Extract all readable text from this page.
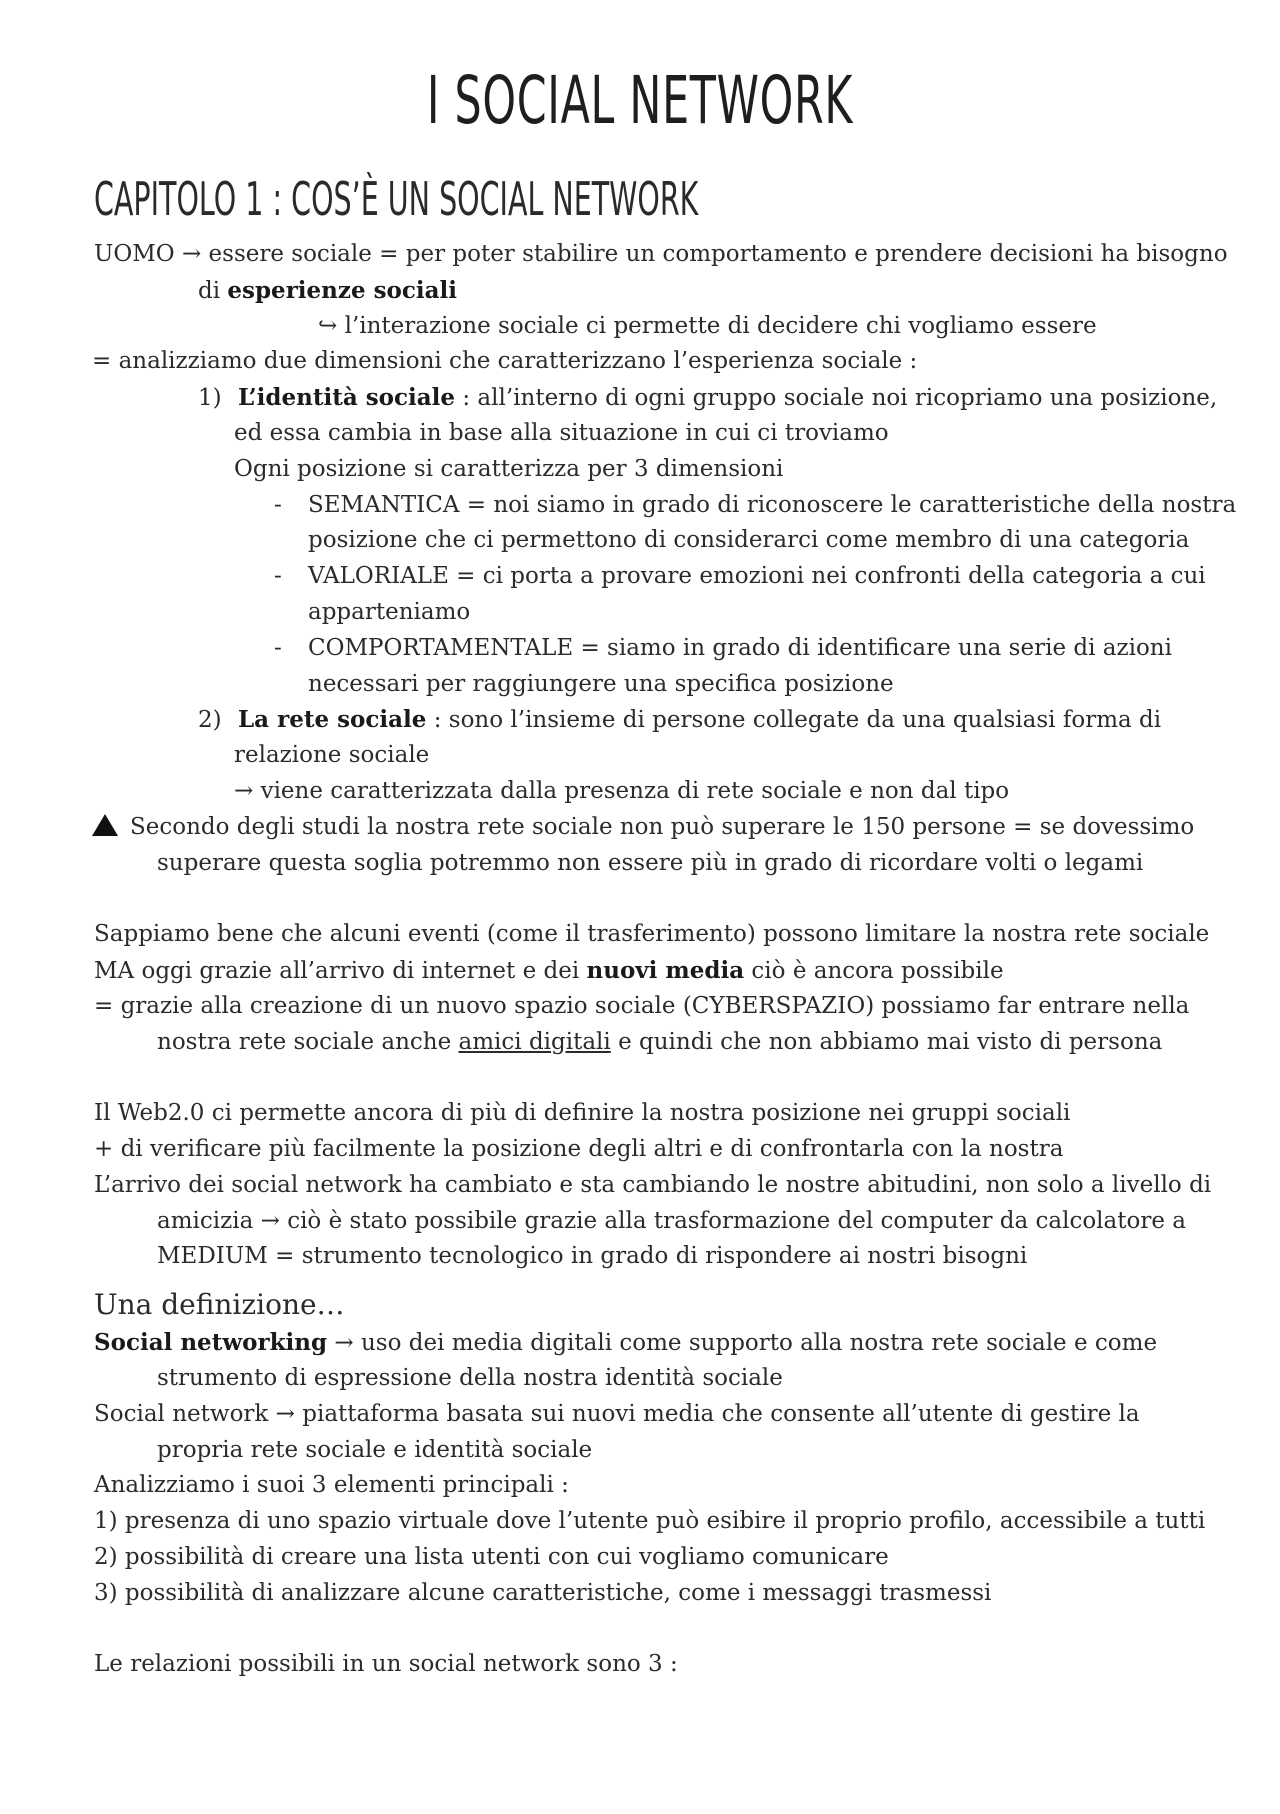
I SOCIAL NETWORK
CAPITOLO 1 : COS’È UN SOCIAL NETWORK
UOMO → essere sociale = per poter stabilire un comportamento e prendere decisioni ha bisogno
di esperienze sociali
↪ l’interazione sociale ci permette di decidere chi vogliamo essere
= analizziamo due dimensioni che caratterizzano l’esperienza sociale :
1) L’identità sociale : all’interno di ogni gruppo sociale noi ricopriamo una posizione,
ed essa cambia in base alla situazione in cui ci troviamo
Ogni posizione si caratterizza per 3 dimensioni
- SEMANTICA = noi siamo in grado di riconoscere le caratteristiche della nostra
posizione che ci permettono di considerarci come membro di una categoria
- VALORIALE = ci porta a provare emozioni nei confronti della categoria a cui
apparteniamo
- COMPORTAMENTALE = siamo in grado di identificare una serie di azioni
necessari per raggiungere una specifica posizione
2) La rete sociale : sono l’insieme di persone collegate da una qualsiasi forma di
relazione sociale
→ viene caratterizzata dalla presenza di rete sociale e non dal tipo
Secondo degli studi la nostra rete sociale non può superare le 150 persone = se dovessimo
superare questa soglia potremmo non essere più in grado di ricordare volti o legami
Sappiamo bene che alcuni eventi (come il trasferimento) possono limitare la nostra rete sociale
MA oggi grazie all’arrivo di internet e dei nuovi media ciò è ancora possibile
= grazie alla creazione di un nuovo spazio sociale (CYBERSPAZIO) possiamo far entrare nella
nostra rete sociale anche amici digitali e quindi che non abbiamo mai visto di persona
Il Web2.0 ci permette ancora di più di definire la nostra posizione nei gruppi sociali
+ di verificare più facilmente la posizione degli altri e di confrontarla con la nostra
L’arrivo dei social network ha cambiato e sta cambiando le nostre abitudini, non solo a livello di
amicizia → ciò è stato possibile grazie alla trasformazione del computer da calcolatore a
MEDIUM = strumento tecnologico in grado di rispondere ai nostri bisogni
Una definizione…
Social networking → uso dei media digitali come supporto alla nostra rete sociale e come
strumento di espressione della nostra identità sociale
Social network → piattaforma basata sui nuovi media che consente all’utente di gestire la
propria rete sociale e identità sociale
Analizziamo i suoi 3 elementi principali :
1) presenza di uno spazio virtuale dove l’utente può esibire il proprio profilo, accessibile a tutti
2) possibilità di creare una lista utenti con cui vogliamo comunicare
3) possibilità di analizzare alcune caratteristiche, come i messaggi trasmessi
Le relazioni possibili in un social network sono 3 :
